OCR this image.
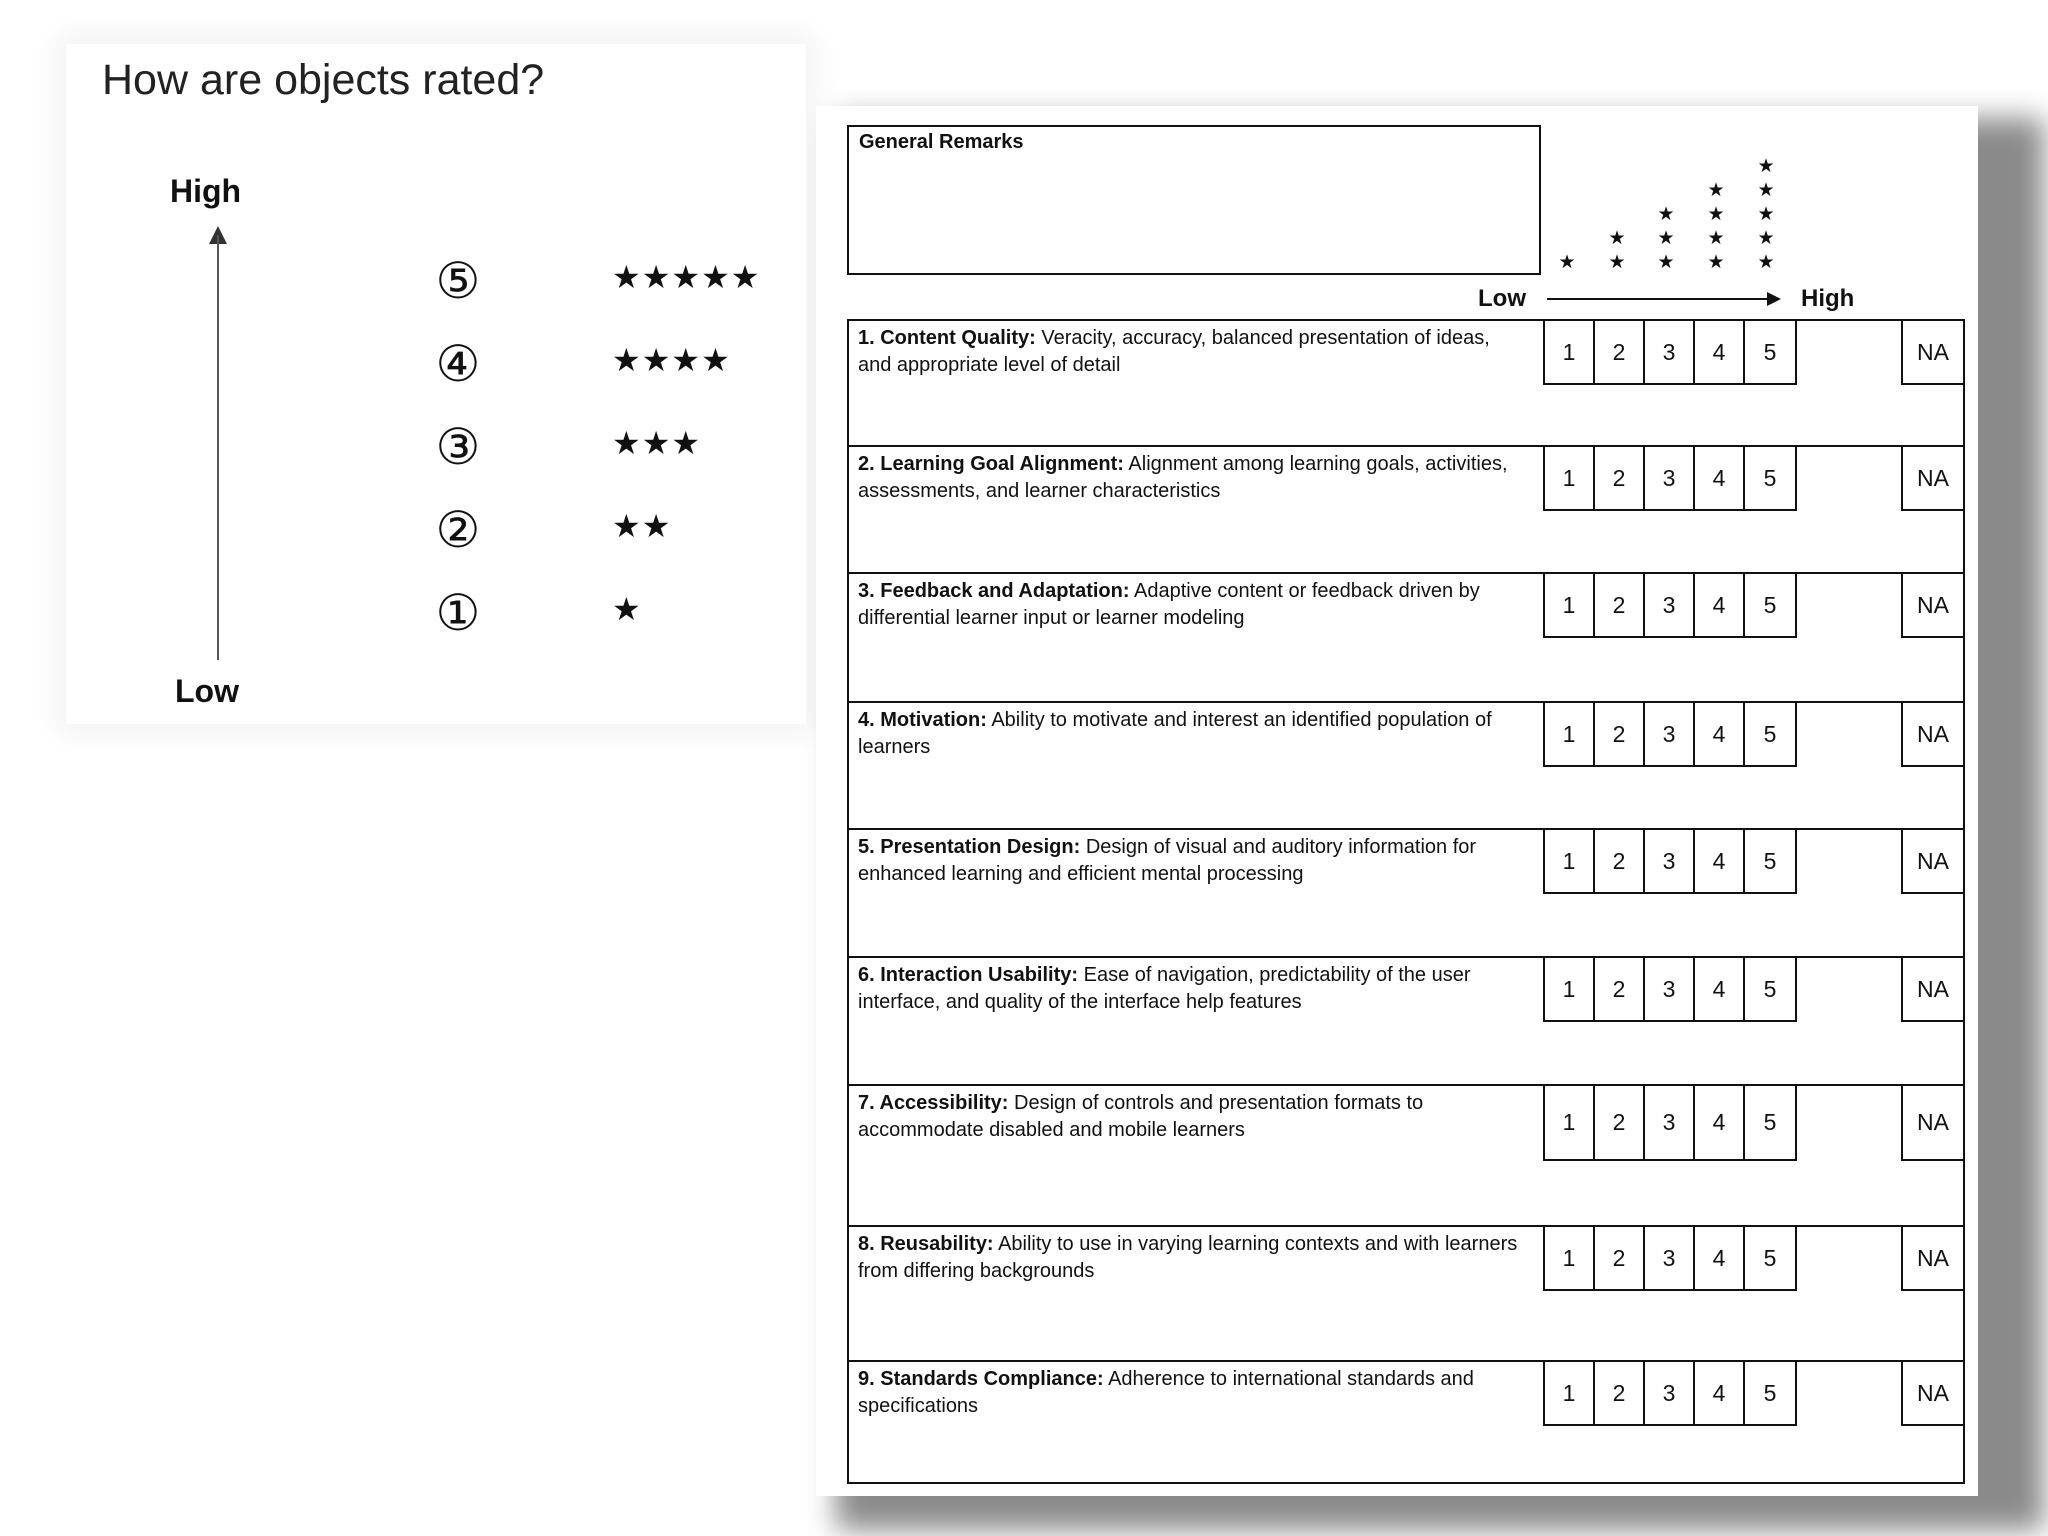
How are objects rated?
High
Low
⑤	★★★★★
④	★★★★
③	★★★
②	★★
①	★
General Remarks
★
★
★
★
★
★
★
★
★
★
★
★
★
★
★
Low	High
1. Content Quality: Veracity, accuracy, balanced presentation of ideas, and appropriate level of detail
1	2	3	4	5	NA
2. Learning Goal Alignment: Alignment among learning goals, activities, assessments, and learner characteristics
1	2	3	4	5	NA
3. Feedback and Adaptation: Adaptive content or feedback driven by differential learner input or learner modeling
1	2	3	4	5	NA
4. Motivation: Ability to motivate and interest an identified population of learners
1	2	3	4	5	NA
5. Presentation Design: Design of visual and auditory information for enhanced learning and efficient mental processing
1	2	3	4	5	NA
6. Interaction Usability: Ease of navigation, predictability of the user interface, and quality of the interface help features
1	2	3	4	5	NA
7. Accessibility: Design of controls and presentation formats to accommodate disabled and mobile learners	1	2	3	4	5	NA
8. Reusability: Ability to use in varying learning contexts and with learners from differing backgrounds
1	2	3	4	5	NA
9. Standards Compliance: Adherence to international standards and specifications
1	2	3	4	5	NA
